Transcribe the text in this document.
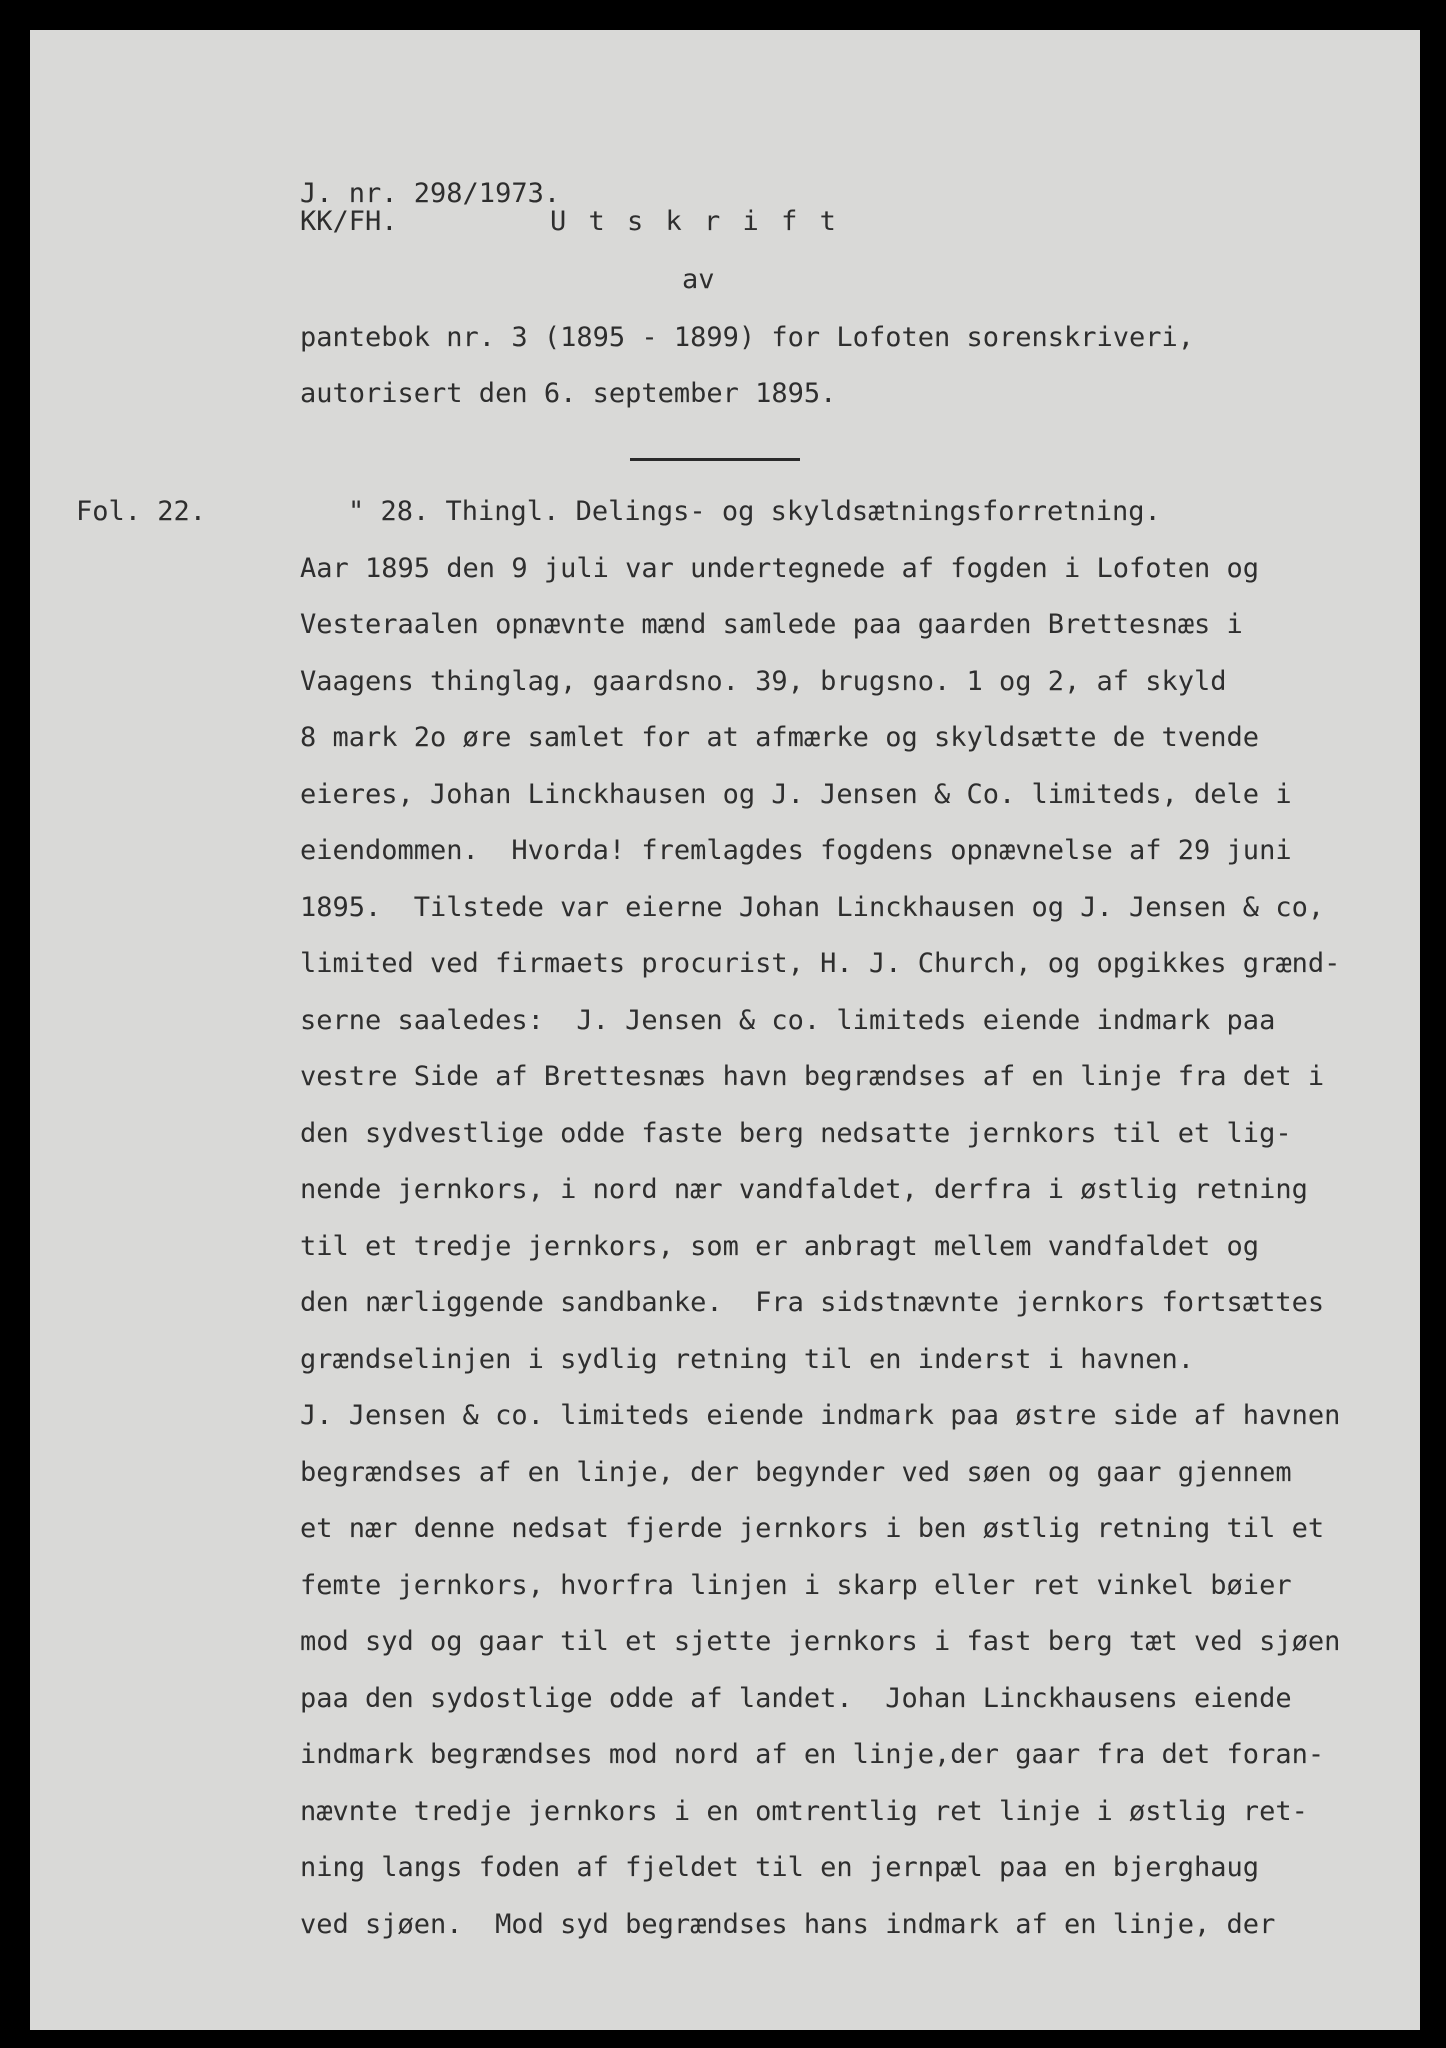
J. nr. 298/1973.
KK/FH.	U t s k r i f t
av
pantebok nr. 3 (1895 - 1899) for Lofoten sorenskriveri,
autorisert den 6. september 1895.
Fol. 22.	" 28. Thingl. Delings- og skyldsætningsforretning.
Aar 1895 den 9 juli var undertegnede af fogden i Lofoten og
Vesteraalen opnævnte mænd samlede paa gaarden Brettesnæs i
Vaagens thinglag, gaardsno. 39, brugsno. 1 og 2, af skyld
8 mark 2o øre samlet for at afmærke og skyldsætte de tvende
eieres, Johan Linckhausen og J. Jensen & Co. limiteds, dele i
eiendommen.  Hvorda! fremlagdes fogdens opnævnelse af 29 juni
1895.  Tilstede var eierne Johan Linckhausen og J. Jensen & co,
limited ved firmaets procurist, H. J. Church, og opgikkes grænd-
serne saaledes:  J. Jensen & co. limiteds eiende indmark paa
vestre Side af Brettesnæs havn begrændses af en linje fra det i
den sydvestlige odde faste berg nedsatte jernkors til et lig-
nende jernkors, i nord nær vandfaldet, derfra i østlig retning
til et tredje jernkors, som er anbragt mellem vandfaldet og
den nærliggende sandbanke.  Fra sidstnævnte jernkors fortsættes
grændselinjen i sydlig retning til en inderst i havnen.
J. Jensen & co. limiteds eiende indmark paa østre side af havnen
begrændses af en linje, der begynder ved søen og gaar gjennem
et nær denne nedsat fjerde jernkors i ben østlig retning til et
femte jernkors, hvorfra linjen i skarp eller ret vinkel bøier
mod syd og gaar til et sjette jernkors i fast berg tæt ved sjøen
paa den sydostlige odde af landet.  Johan Linckhausens eiende
indmark begrændses mod nord af en linje,der gaar fra det foran-
nævnte tredje jernkors i en omtrentlig ret linje i østlig ret-
ning langs foden af fjeldet til en jernpæl paa en bjerghaug
ved sjøen.  Mod syd begrændses hans indmark af en linje, der
